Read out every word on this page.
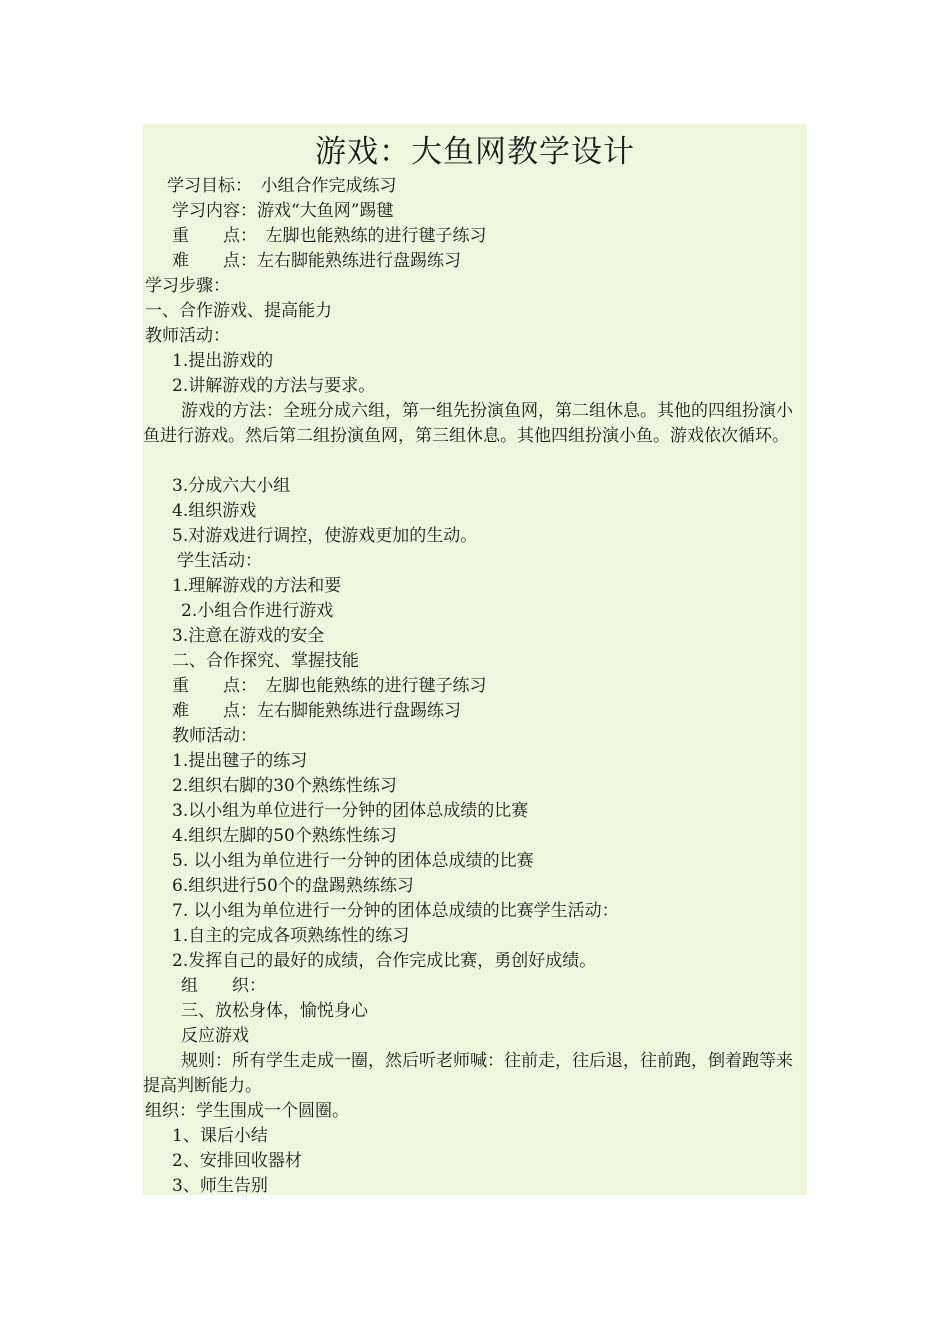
游戏：大鱼网教学设计
学习目标：　小组合作完成练习
学习内容：游戏“大鱼网”踢毽
重　　点：　左脚也能熟练的进行毽子练习
难　　点：左右脚能熟练进行盘踢练习
学习步骤：
一、合作游戏、提高能力
教师活动：
1.提出游戏的
2.讲解游戏的方法与要求。
游戏的方法：全班分成六组，第一组先扮演鱼网，第二组休息。其他的四组扮演小鱼进行游戏。然后第二组扮演鱼网，第三组休息。其他四组扮演小鱼。游戏依次循环。
3.分成六大小组
4.组织游戏
5.对游戏进行调控，使游戏更加的生动。
学生活动：
1.理解游戏的方法和要
2.小组合作进行游戏
3.注意在游戏的安全
二、合作探究、掌握技能
重　　点：　左脚也能熟练的进行毽子练习
难　　点：左右脚能熟练进行盘踢练习
教师活动：
1.提出毽子的练习
2.组织右脚的30个熟练性练习
3.以小组为单位进行一分钟的团体总成绩的比赛
4.组织左脚的50个熟练性练习
5. 以小组为单位进行一分钟的团体总成绩的比赛
6.组织进行50个的盘踢熟练练习
7. 以小组为单位进行一分钟的团体总成绩的比赛学生活动：
1.自主的完成各项熟练性的练习
2.发挥自己的最好的成绩，合作完成比赛，勇创好成绩。
组　　织：
三、放松身体，愉悦身心
反应游戏
规则：所有学生走成一圈，然后听老师喊：往前走，往后退，往前跑，倒着跑等来提高判断能力。
组织：学生围成一个圆圈。
1、课后小结
2、安排回收器材
3、师生告别
